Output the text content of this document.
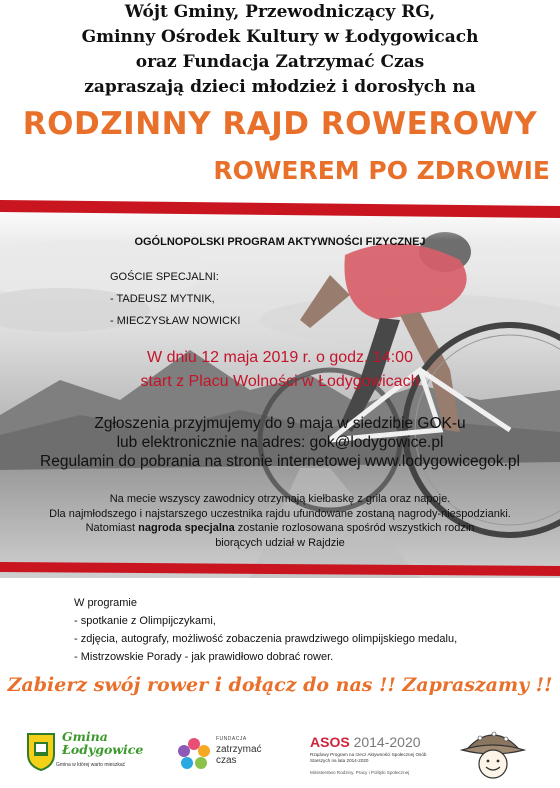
Wójt Gminy, Przewodniczący RG,
Gminny Ośrodek Kultury w Łodygowicach
oraz Fundacja Zatrzymać Czas
zapraszają dzieci młodzież i dorosłych na
RODZINNY RAJD ROWEROWY
ROWEREM PO ZDROWIE
OGÓLNOPOLSKI PROGRAM AKTYWNOŚCI FIZYCZNEJ
GOŚCIE SPECJALNI:
- TADEUSZ MYTNIK,
- MIECZYSŁAW NOWICKI
W dniu 12 maja 2019 r. o godz. 14:00
start z Placu Wolności w Łodygowicach
Zgłoszenia przyjmujemy do 9 maja w siedzibie GOK-u
lub elektronicznie na adres: gok@lodygowice.pl
Regulamin do pobrania na stronie internetowej www.lodygowicegok.pl
Na mecie wszyscy zawodnicy otrzymają kiełbaskę z grila oraz napoje.
Dla najmłodszego i najstarszego uczestnika rajdu ufundowane zostaną nagrody-niespodzianki.
Natomiast nagroda specjalna zostanie rozlosowana spośród wszystkich rodzin
biorących udział w Rajdzie
W programie
- spotkanie z Olimpijczykami,
- zdjęcia, autografy, możliwość zobaczenia prawdziwego olimpijskiego medalu,
- Mistrzowskie Porady - jak prawidłowo dobrać rower.
Zabierz swój rower i dołącz do nas !! Zapraszamy !!
Gmina
Łodygowice
Gmina w której warto mieszkać
FUNDACJA
zatrzymać
czas
ASOS 2014-2020
Rządowy Program na rzecz Aktywności Społecznej Osób Starszych na lata 2014-2020
Ministerstwo Rodziny, Pracy i Polityki Społecznej
